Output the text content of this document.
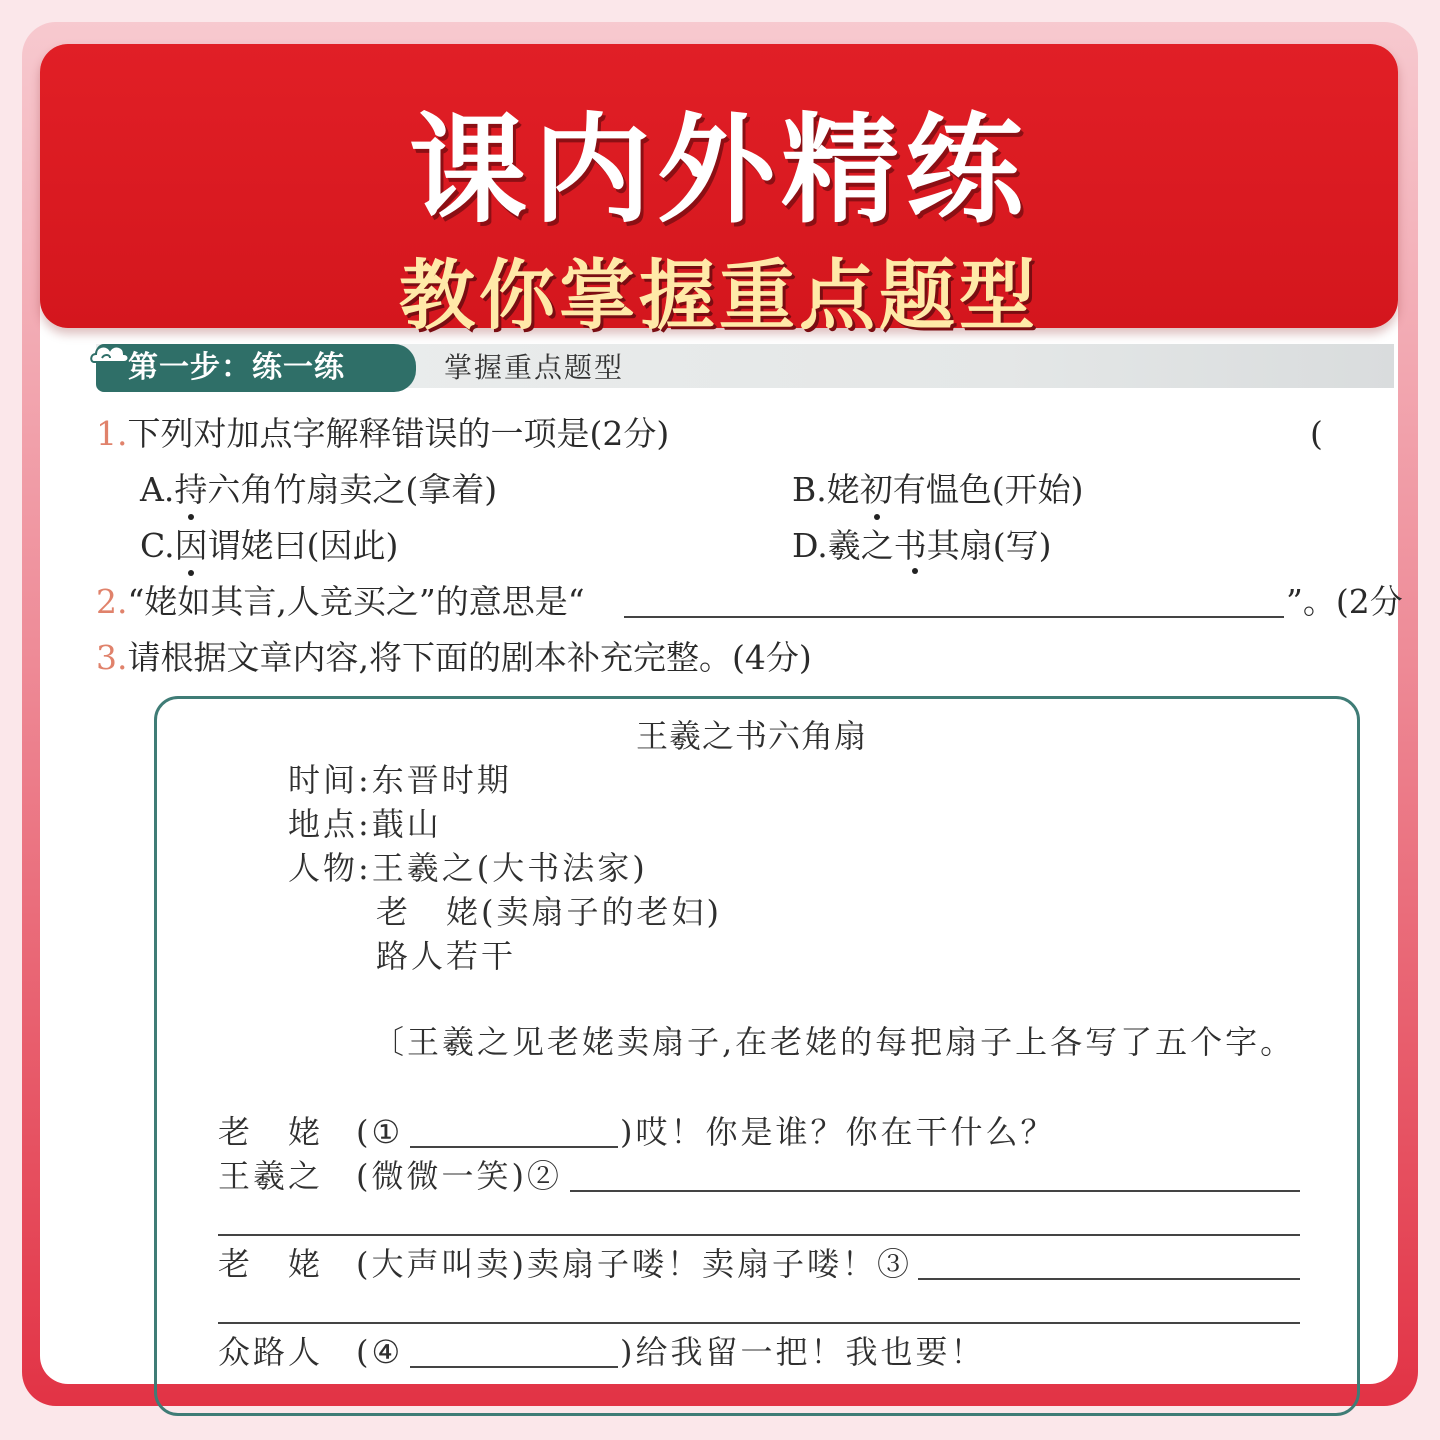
课内外精练
教你掌握重点题型
第一步：练一练	掌握重点题型
1.下列对加点字解释错误的一项是(2分)	(
A.持六角竹扇卖之(拿着)	B.姥初有愠色(开始)
C.因谓姥曰(因此)	D.羲之书其扇(写)
2.“姥如其言,人竞买之”的意思是“	”。(2分
3.请根据文章内容,将下面的剧本补充完整。(4分)
王羲之书六角扇
时间:东晋时期
地点:蕺山
人物:王羲之(大书法家)
老　姥(卖扇子的老妇)
路人若干
〔王羲之见老姥卖扇子,在老姥的每把扇子上各写了五个字。
老　姥 (①	)哎！你是谁？你在干什么？
王羲之 (微微一笑)②
老　姥 (大声叫卖)卖扇子喽！卖扇子喽！③
众路人 (④	)给我留一把！我也要！
